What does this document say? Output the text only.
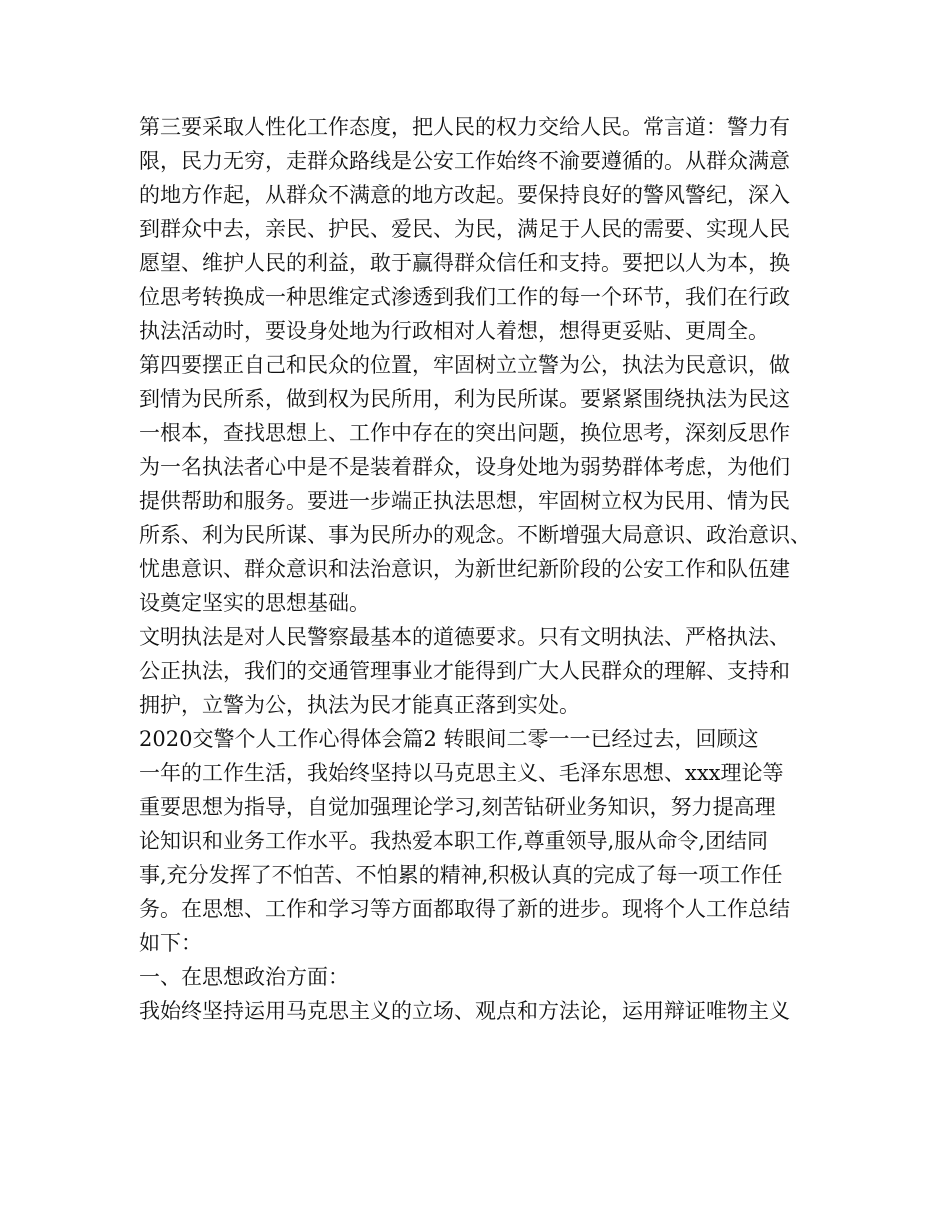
第三要采取人性化工作态度，把人民的权力交给人民。常言道：警力有
限，民力无穷，走群众路线是公安工作始终不渝要遵循的。从群众满意
的地方作起，从群众不满意的地方改起。要保持良好的警风警纪，深入
到群众中去，亲民、护民、爱民、为民，满足于人民的需要、实现人民
愿望、维护人民的利益，敢于赢得群众信任和支持。要把以人为本，换
位思考转换成一种思维定式渗透到我们工作的每一个环节，我们在行政
执法活动时，要设身处地为行政相对人着想，想得更妥贴、更周全。
第四要摆正自己和民众的位置，牢固树立立警为公，执法为民意识，做
到情为民所系，做到权为民所用，利为民所谋。要紧紧围绕执法为民这
一根本，查找思想上、工作中存在的突出问题，换位思考，深刻反思作
为一名执法者心中是不是装着群众，设身处地为弱势群体考虑，为他们
提供帮助和服务。要进一步端正执法思想，牢固树立权为民用、情为民
所系、利为民所谋、事为民所办的观念。不断增强大局意识、政治意识、
忧患意识、群众意识和法治意识，为新世纪新阶段的公安工作和队伍建
设奠定坚实的思想基础。
文明执法是对人民警察最基本的道德要求。只有文明执法、严格执法、
公正执法，我们的交通管理事业才能得到广大人民群众的理解、支持和
拥护，立警为公，执法为民才能真正落到实处。
2020交警个人工作心得体会篇2 转眼间二零一一已经过去，回顾这
一年的工作生活，我始终坚持以马克思主义、毛泽东思想、xxx理论等
重要思想为指导，自觉加强理论学习,刻苦钻研业务知识，努力提高理
论知识和业务工作水平。我热爱本职工作,尊重领导,服从命令,团结同
事,充分发挥了不怕苦、不怕累的精神,积极认真的完成了每一项工作任
务。在思想、工作和学习等方面都取得了新的进步。现将个人工作总结
如下：
一、在思想政治方面：
我始终坚持运用马克思主义的立场、观点和方法论，运用辩证唯物主义
